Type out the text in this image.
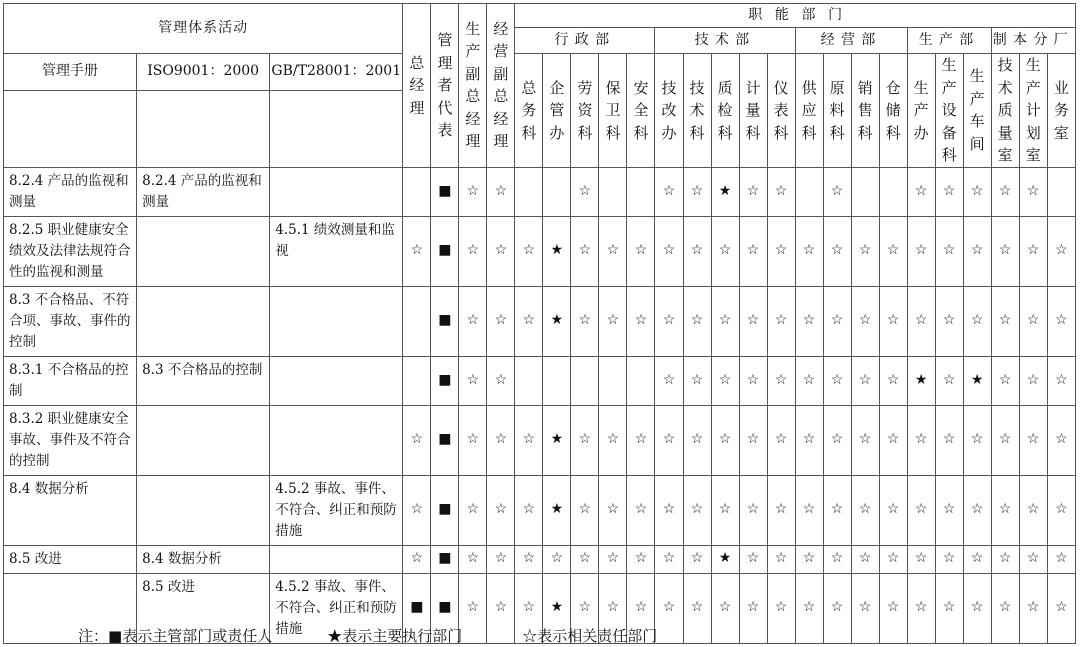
管理体系活动			总经理	管理者代表	生产副总经理	经营副总经理	职能部门																			
							行政部					技术部					经营部				生产部			制本分厂		
管理手册	ISO9001：2000	GB/T28001：2001					总务科	企管办	劳资科	保卫科	安全科	技改办	技术科	质检科	计量科	仪表科	供应科	原料科	销售科	仓储科	生产办	生产设备科	生产车间	技术质量室	生产计划室	业务室

8.2.4 产品的监视和测量	8.2.4 产品的监视和测量			■	☆	☆			☆			☆	☆	★	☆	☆		☆			☆	☆	☆	☆	☆	
8.2.5 职业健康安全绩效及法律法规符合性的监视和测量		4.5.1 绩效测量和监视	☆	■	☆	☆	☆	★	☆	☆	☆	☆	☆	☆	☆	☆	☆	☆	☆	☆	☆	☆	☆	☆	☆	☆
8.3 不合格品、不符合项、事故、事件的控制				■	☆	☆	☆	★	☆	☆	☆	☆	☆	☆	☆	☆	☆	☆	☆	☆	☆	☆	☆	☆	☆	☆
8.3.1 不合格品的控制	8.3 不合格品的控制			■	☆	☆						☆	☆	☆	☆	☆	☆	☆	☆	☆	★	☆	★	☆	☆	☆
8.3.2 职业健康安全事故、事件及不符合的控制			☆	■	☆	☆	☆	★	☆	☆	☆	☆	☆	☆	☆	☆	☆	☆	☆	☆	☆	☆	☆	☆	☆	☆
8.4 数据分析		4.5.2 事故、事件、不符合、纠正和预防措施	☆	■	☆	☆	☆	★	☆	☆	☆	☆	☆	☆	☆	☆	☆	☆	☆	☆	☆	☆	☆	☆	☆	☆
8.5 改进	8.4 数据分析		☆	■	☆	☆	☆	☆	☆	☆	☆	☆	☆	★	☆	☆	☆	☆	☆	☆	☆	☆	☆	☆	☆	☆
	8.5 改进	4.5.2 事故、事件、不符合、纠正和预防措施	■	■	☆	☆	☆	★	☆	☆	☆	☆	☆	☆	☆	☆	☆	☆	☆	☆	☆	☆	☆	☆	☆	☆
注：■表示主管部门或责任人	★表示主要执行部门	☆表示相关责任部门
